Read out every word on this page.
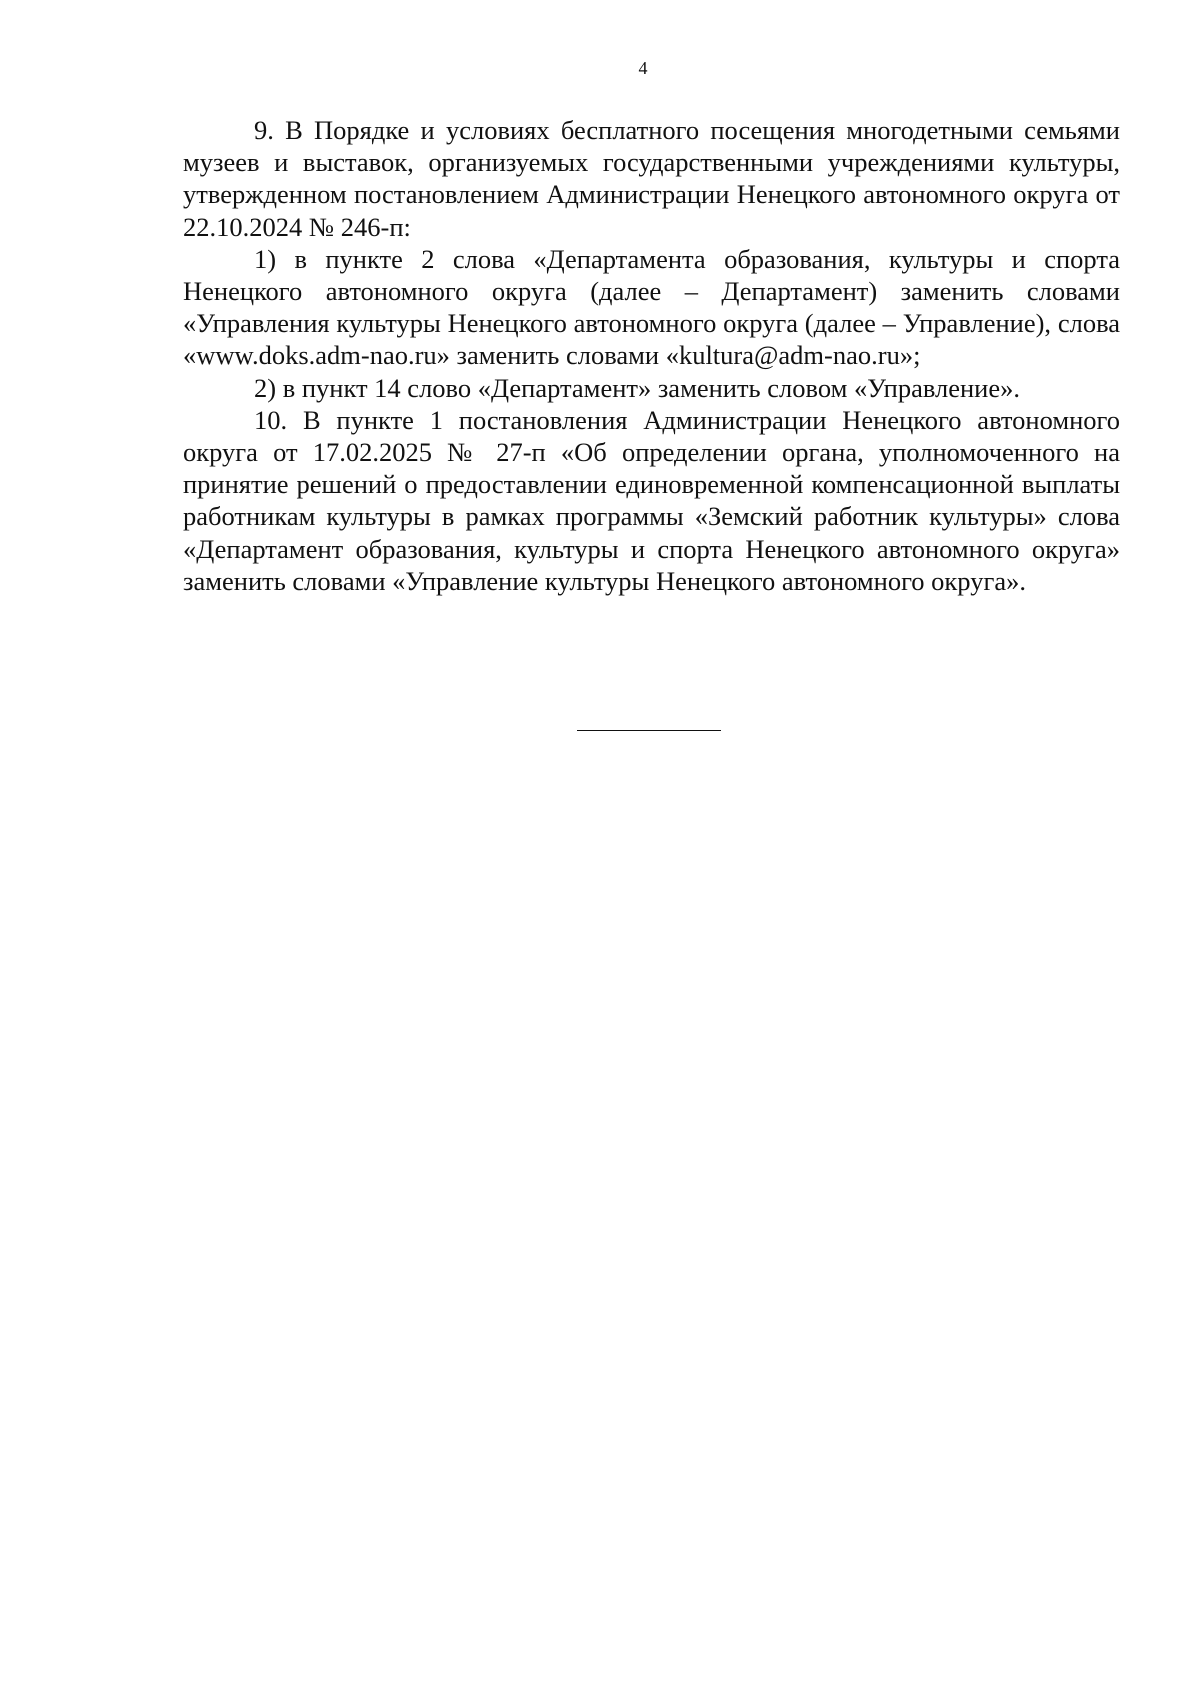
4

9. В Порядке и условиях бесплатного посещения многодетными семьями музеев и выставок, организуемых государственными учреждениями культуры, утвержденном постановлением Администрации Ненецкого автономного округа от 22.10.2024 № 246-п:

1) в пункте 2 слова «Департамента образования, культуры и спорта Ненецкого автономного округа (далее – Департамент) заменить словами «Управления культуры Ненецкого автономного округа (далее – Управление), слова «www.doks.adm-nao.ru» заменить словами «kultura@adm-nao.ru»;

2) в пункт 14 слово «Департамент» заменить словом «Управление».

10. В пункте 1 постановления Администрации Ненецкого автономного округа от 17.02.2025 № 27-п «Об определении органа, уполномоченного на принятие решений о предоставлении единовременной компенсационной выплаты работникам культуры в рамках программы «Земский работник культуры» слова «Департамент образования, культуры и спорта Ненецкого автономного округа» заменить словами «Управление культуры Ненецкого автономного округа».
